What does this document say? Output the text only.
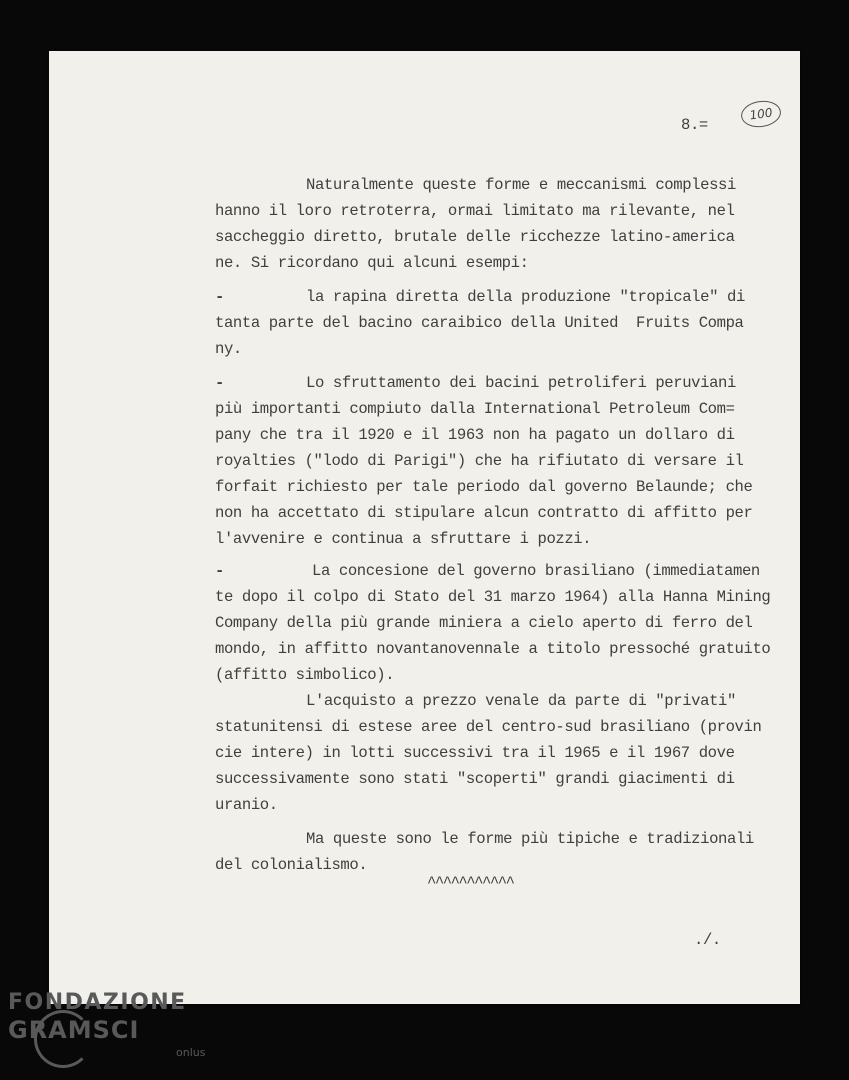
8.=
100
Naturalmente queste forme e meccanismi complessi
hanno il loro retroterra, ormai limitato ma rilevante, nel
saccheggio diretto, brutale delle ricchezze latino-america
ne. Si ricordano qui alcuni esempi:
-	la rapina diretta della produzione "tropicale" di
tanta parte del bacino caraibico della United  Fruits Compa
ny.
-	Lo sfruttamento dei bacini petroliferi peruviani
più importanti compiuto dalla International Petroleum Com=
pany che tra il 1920 e il 1963 non ha pagato un dollaro di
royalties ("lodo di Parigi") che ha rifiutato di versare il
forfait richiesto per tale periodo dal governo Belaunde; che
non ha accettato di stipulare alcun contratto di affitto per
l'avvenire e continua a sfruttare i pozzi.
-	La concesione del governo brasiliano (immediatamen
te dopo il colpo di Stato del 31 marzo 1964) alla Hanna Mining
Company della più grande miniera a cielo aperto di ferro del
mondo, in affitto novantanovennale a titolo pressoché gratuito
(affitto simbolico).
L'acquisto a prezzo venale da parte di "privati"
statunitensi di estese aree del centro-sud brasiliano (provin
cie intere) in lotti successivi tra il 1965 e il 1967 dove
successivamente sono stati "scoperti" grandi giacimenti di
uranio.
Ma queste sono le forme più tipiche e tradizionali
del colonialismo.
^^^^^^^^^^^
./.
FONDAZIONE
GRAMSCI
onlus
